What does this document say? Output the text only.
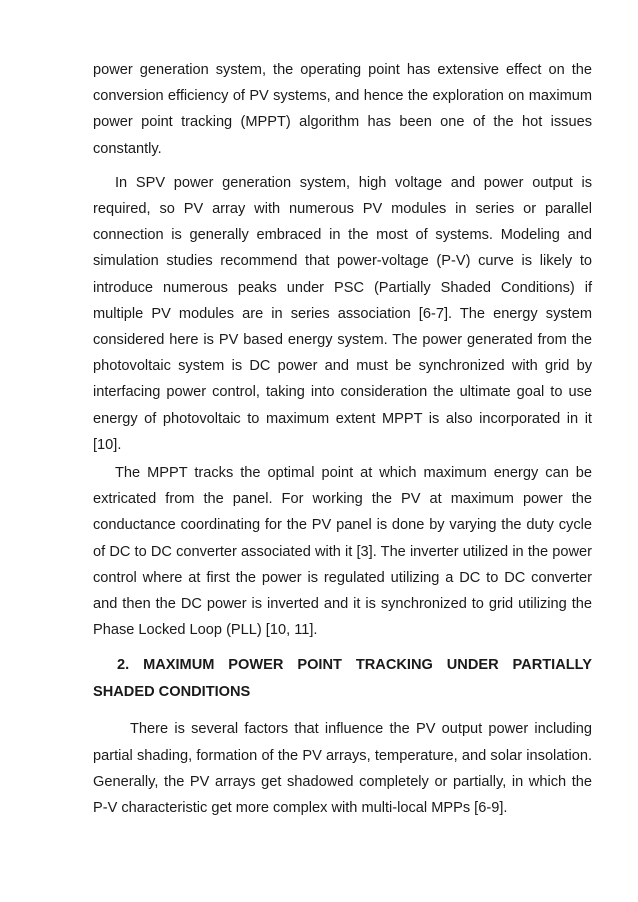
power generation system, the operating point has extensive effect on the conversion efficiency of PV systems, and hence the exploration on maximum power point tracking (MPPT) algorithm has been one of the hot issues constantly.

In SPV power generation system, high voltage and power output is required, so PV array with numerous PV modules in series or parallel connection is generally embraced in the most of systems. Modeling and simulation studies recommend that power-voltage (P-V) curve is likely to introduce numerous peaks under PSC (Partially Shaded Conditions) if multiple PV modules are in series association [6-7]. The energy system considered here is PV based energy system. The power generated from the photovoltaic system is DC power and must be synchronized with grid by interfacing power control, taking into consideration the ultimate goal to use energy of photovoltaic to maximum extent MPPT is also incorporated in it [10].

The MPPT tracks the optimal point at which maximum energy can be extricated from the panel. For working the PV at maximum power the conductance coordinating for the PV panel is done by varying the duty cycle of DC to DC converter associated with it [3]. The inverter utilized in the power control where at first the power is regulated utilizing a DC to DC converter and then the DC power is inverted and it is synchronized to grid utilizing the Phase Locked Loop (PLL) [10, 11].

2. MAXIMUM POWER POINT TRACKING UNDER PARTIALLY SHADED CONDITIONS

There is several factors that influence the PV output power including partial shading, formation of the PV arrays, temperature, and solar insolation. Generally, the PV arrays get shadowed completely or partially, in which the P-V characteristic get more complex with multi-local MPPs [6-9].
